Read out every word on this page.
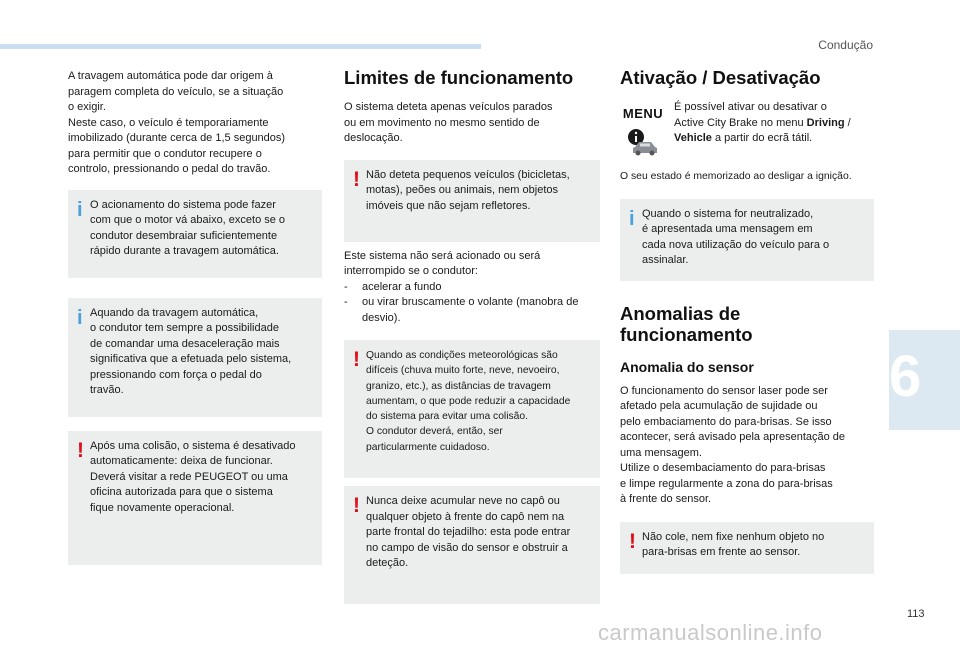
Condução
6
113
carmanualsonline.info

A travagem automática pode dar origem à
paragem completa do veículo, se a situação
o exigir.
Neste caso, o veículo é temporariamente
imobilizado (durante cerca de 1,5 segundos)
para permitir que o condutor recupere o
controlo, pressionando o pedal do travão.

i O acionamento do sistema pode fazer
com que o motor vá abaixo, exceto se o
condutor desembraiar suficientemente
rápido durante a travagem automática.

i Aquando da travagem automática,
o condutor tem sempre a possibilidade
de comandar uma desaceleração mais
significativa que a efetuada pelo sistema,
pressionando com força o pedal do
travão.

! Após uma colisão, o sistema é desativado
automaticamente: deixa de funcionar.
Deverá visitar a rede PEUGEOT ou uma
oficina autorizada para que o sistema
fique novamente operacional.

Limites de funcionamento

O sistema deteta apenas veículos parados
ou em movimento no mesmo sentido de
deslocação.

! Não deteta pequenos veículos (bicicletas,
motas), peões ou animais, nem objetos
imóveis que não sejam refletores.

Este sistema não será acionado ou será
interrompido se o condutor:

- acelerar a fundo
- ou virar bruscamente o volante (manobra de desvio).
! Quando as condições meteorológicas são
difíceis (chuva muito forte, neve, nevoeiro,
granizo, etc.), as distâncias de travagem
aumentam, o que pode reduzir a capacidade
do sistema para evitar uma colisão.
O condutor deverá, então, ser
particularmente cuidadoso.

! Nunca deixe acumular neve no capô ou
qualquer objeto à frente do capô nem na
parte frontal do tejadilho: esta pode entrar
no campo de visão do sensor e obstruir a
deteção.

Ativação / Desativação
MENU É possível ativar ou desativar o
Active City Brake no menu Driving /
Vehicle a partir do ecrã tátil.

O seu estado é memorizado ao desligar a ignição.

i Quando o sistema for neutralizado,
é apresentada uma mensagem em
cada nova utilização do veículo para o
assinalar.

Anomalias de
funcionamento
Anomalia do sensor

O funcionamento do sensor laser pode ser
afetado pela acumulação de sujidade ou
pelo embaciamento do para-brisas. Se isso
acontecer, será avisado pela apresentação de
uma mensagem.
Utilize o desembaciamento do para-brisas
e limpe regularmente a zona do para-brisas
à frente do sensor.

! Não cole, nem fixe nenhum objeto no
para-brisas em frente ao sensor.
